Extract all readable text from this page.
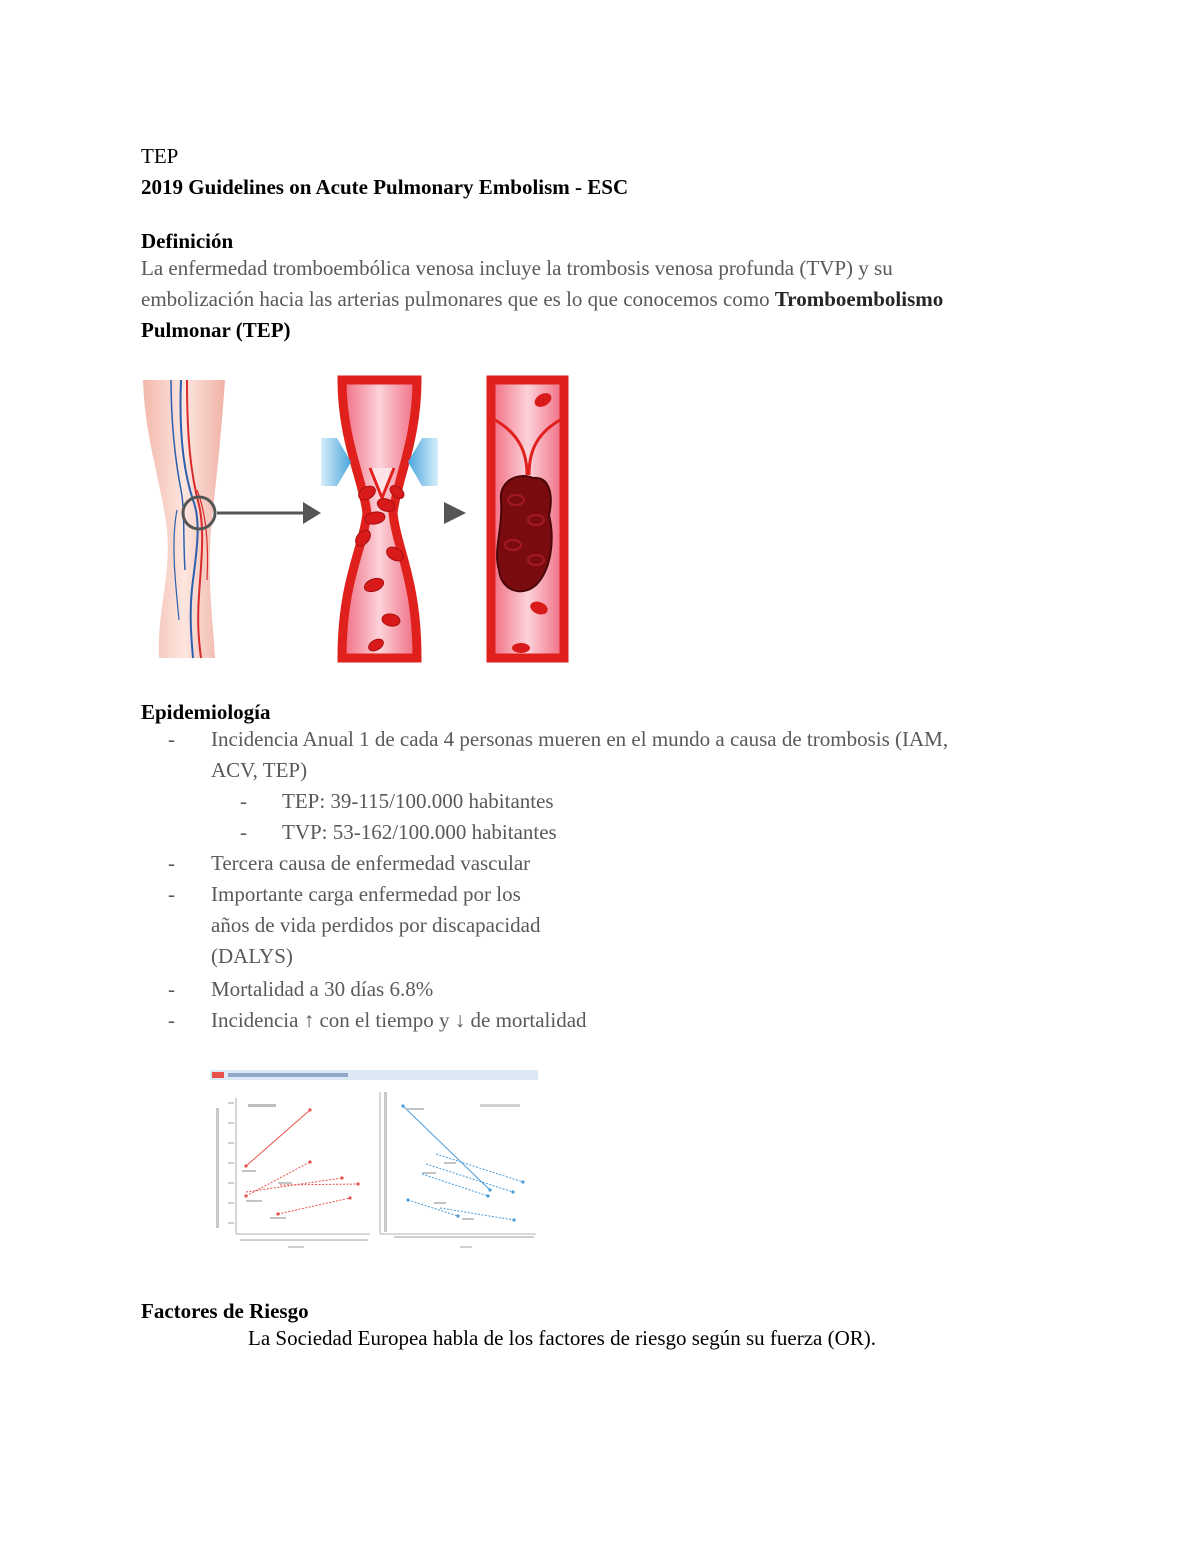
TEP
2019 Guidelines on Acute Pulmonary Embolism - ESC
Definición
La enfermedad tromboembólica venosa incluye la trombosis venosa profunda (TVP) y su
embolización hacia las arterias pulmonares que es lo que conocemos como Tromboembolismo
Pulmonar (TEP)
Epidemiología
- Incidencia Anual 1 de cada 4 personas mueren en el mundo a causa de trombosis (IAM,
ACV, TEP)
- TEP: 39-115/100.000 habitantes
- TVP: 53-162/100.000 habitantes
- Tercera causa de enfermedad vascular
- Importante carga enfermedad por los
años de vida perdidos por discapacidad
(DALYS)
- Mortalidad a 30 días 6.8%
- Incidencia ↑ con el tiempo y ↓ de mortalidad
Factores de Riesgo
La Sociedad Europea habla de los factores de riesgo según su fuerza (OR).
